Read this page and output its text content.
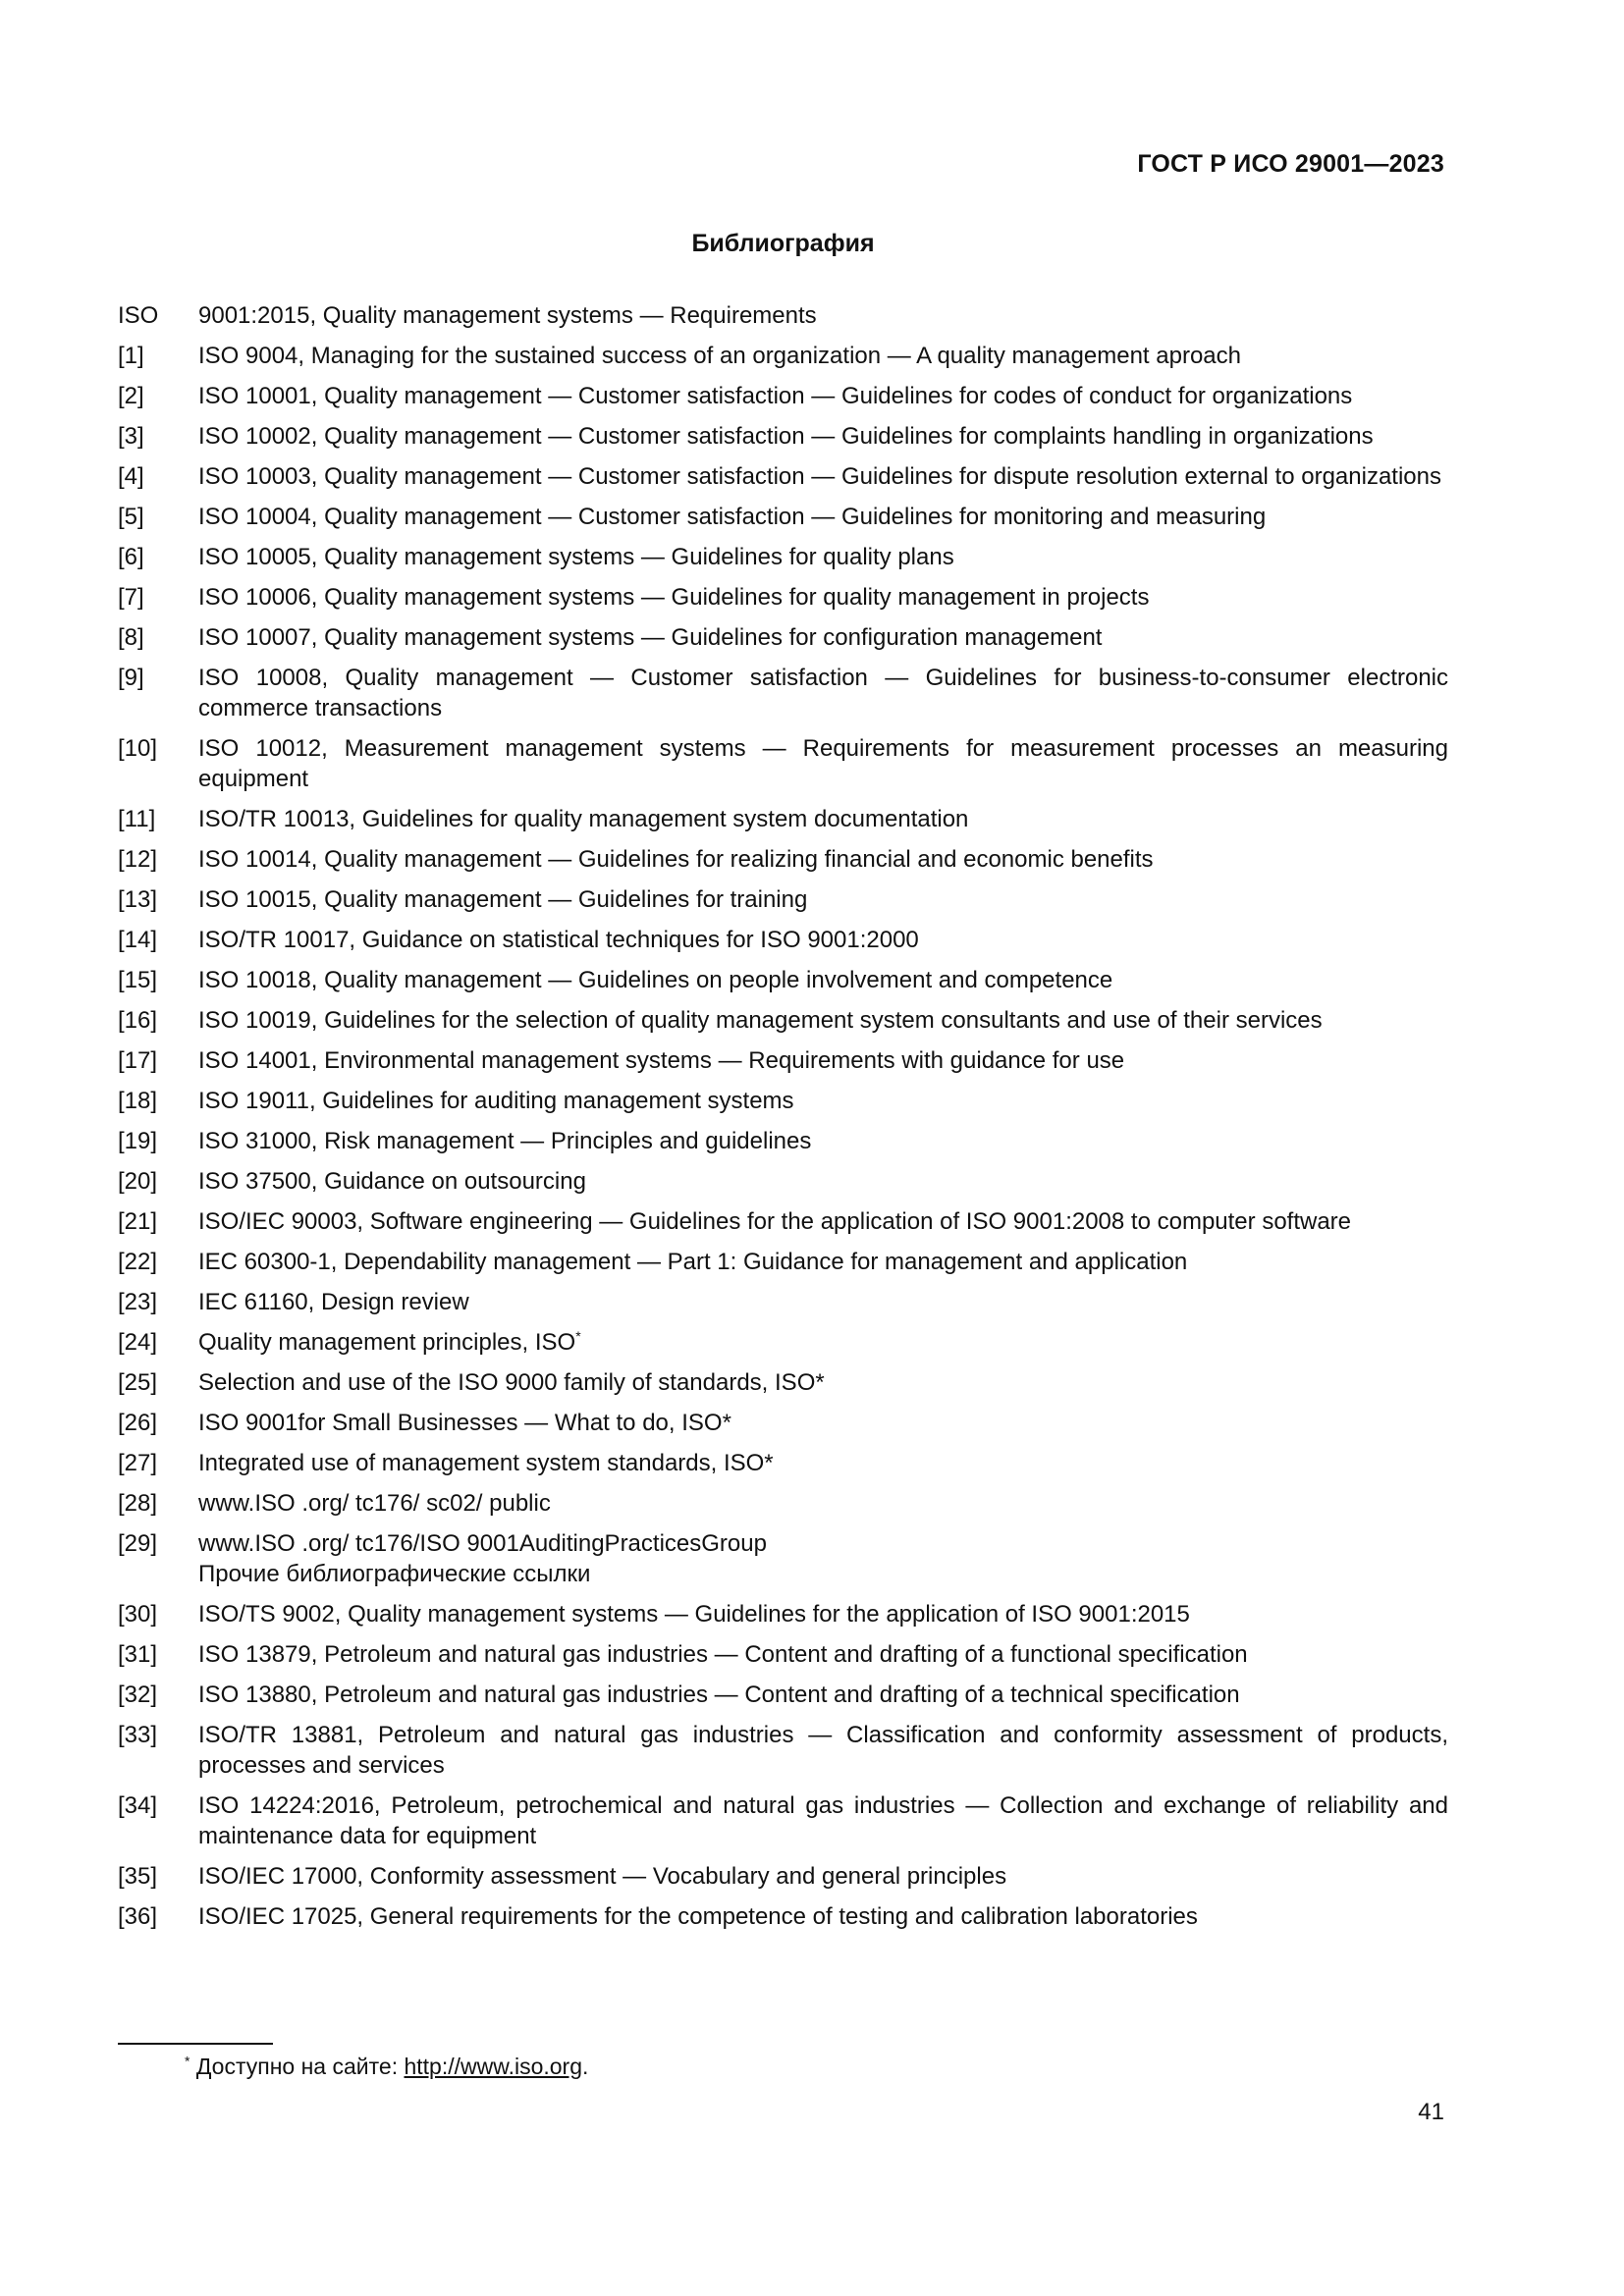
ГОСТ Р ИСО 29001—2023
Библиография
ISO	9001:2015, Quality management systems — Requirements
[1]	ISO 9004, Managing for the sustained success of an organization — A quality management aproach
[2]	ISO 10001, Quality management — Customer satisfaction — Guidelines for codes of conduct for organizations
[3]	ISO 10002, Quality management — Customer satisfaction — Guidelines for complaints handling in organizations
[4]	ISO 10003, Quality management — Customer satisfaction — Guidelines for dispute resolution external to organizations
[5]	ISO 10004, Quality management — Customer satisfaction — Guidelines for monitoring and measuring
[6]	ISO 10005, Quality management systems — Guidelines for quality plans
[7]	ISO 10006, Quality management systems — Guidelines for quality management in projects
[8]	ISO 10007, Quality management systems — Guidelines for configuration management
[9]	ISO 10008, Quality management — Customer satisfaction — Guidelines for business-to-consumer electronic commerce transactions
[10]	ISO 10012, Measurement management systems — Requirements for measurement processes an measuring equipment
[11]	ISO/TR 10013, Guidelines for quality management system documentation
[12]	ISO 10014, Quality management — Guidelines for realizing financial and economic benefits
[13]	ISO 10015, Quality management — Guidelines for training
[14]	ISO/TR 10017, Guidance on statistical techniques for ISO 9001:2000
[15]	ISO 10018, Quality management — Guidelines on people involvement and competence
[16]	ISO 10019, Guidelines for the selection of quality management system consultants and use of their services
[17]	ISO 14001, Environmental management systems — Requirements with guidance for use
[18]	ISO 19011, Guidelines for auditing management systems
[19]	ISO 31000, Risk management — Principles and guidelines
[20]	ISO 37500, Guidance on outsourcing
[21]	ISO/IEC 90003, Software engineering — Guidelines for the application of ISO 9001:2008 to computer software
[22]	IEC 60300-1, Dependability management — Part 1: Guidance for management and application
[23]	IEC 61160, Design review
[24]	Quality management principles, ISO*
[25]	Selection and use of the ISO 9000 family of standards, ISO*
[26]	ISO 9001for Small Businesses — What to do, ISO*
[27]	Integrated use of management system standards, ISO*
[28]	www.ISO .org/ tc176/ sc02/ public
[29]	www.ISO .org/ tc176/ISO 9001AuditingPracticesGroup
Прочие библиографические ссылки
[30]	ISO/TS 9002, Quality management systems — Guidelines for the application of ISO 9001:2015
[31]	ISO 13879, Petroleum and natural gas industries — Content and drafting of a functional specification
[32]	ISO 13880, Petroleum and natural gas industries — Content and drafting of a technical specification
[33]	ISO/TR 13881, Petroleum and natural gas industries — Classification and conformity assessment of products, processes and services
[34]	ISO 14224:2016, Petroleum, petrochemical and natural gas industries — Collection and exchange of reliability and maintenance data for equipment
[35]	ISO/IEC 17000, Conformity assessment — Vocabulary and general principles
[36]	ISO/IEC 17025, General requirements for the competence of testing and calibration laboratories
* Доступно на сайте: http://www.iso.org.
41
